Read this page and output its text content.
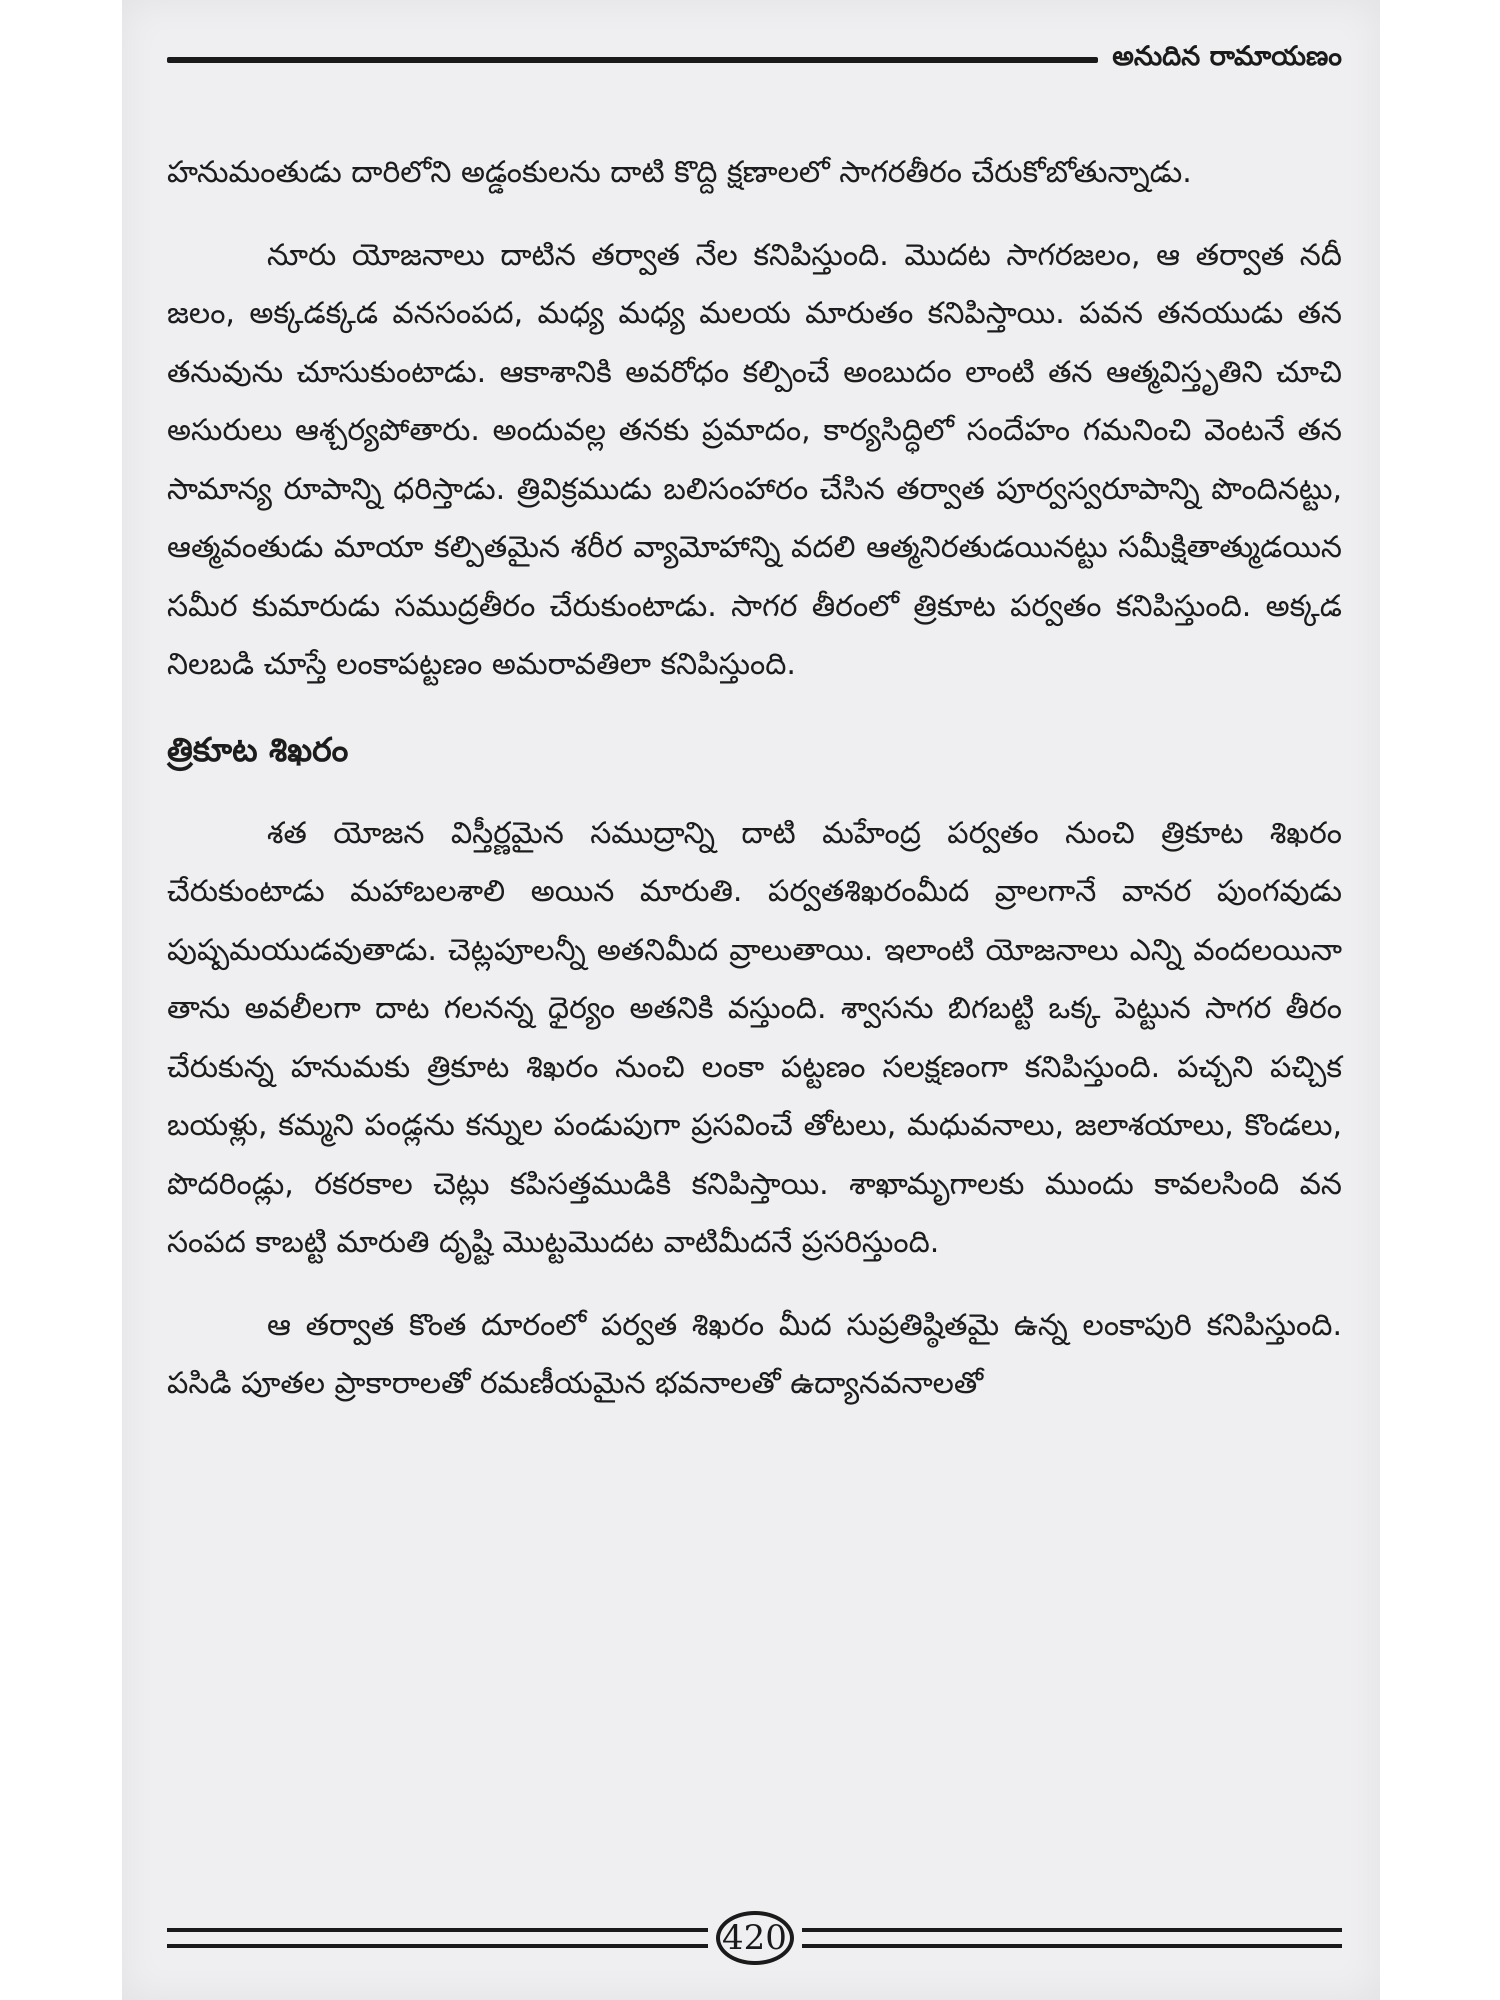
అనుదిన రామాయణం

హనుమంతుడు దారిలోని అడ్డంకులను దాటి కొద్ది క్షణాలలో సాగరతీరం చేరుకోబోతున్నాడు.

నూరు యోజనాలు దాటిన తర్వాత నేల కనిపిస్తుంది. మొదట సాగరజలం, ఆ తర్వాత నదీ జలం, అక్కడక్కడ వనసంపద, మధ్య మధ్య మలయ మారుతం కనిపిస్తాయి. పవన తనయుడు తన తనువును చూసుకుంటాడు. ఆకాశానికి అవరోధం కల్పించే అంబుదం లాంటి తన ఆత్మవిస్తృతిని చూచి అసురులు ఆశ్చర్యపోతారు. అందువల్ల తనకు ప్రమాదం, కార్యసిద్ధిలో సందేహం గమనించి వెంటనే తన సామాన్య రూపాన్ని ధరిస్తాడు. త్రివిక్రముడు బలిసంహారం చేసిన తర్వాత పూర్వస్వరూపాన్ని పొందినట్టు, ఆత్మవంతుడు మాయా కల్పితమైన శరీర వ్యామోహాన్ని వదలి ఆత్మనిరతుడయినట్టు సమీక్షితాత్ముడయిన సమీర కుమారుడు సముద్రతీరం చేరుకుంటాడు. సాగర తీరంలో త్రికూట పర్వతం కనిపిస్తుంది. అక్కడ నిలబడి చూస్తే లంకాపట్టణం అమరావతిలా కనిపిస్తుంది.

త్రికూట శిఖరం

శత యోజన విస్తీర్ణమైన సముద్రాన్ని దాటి మహేంద్ర పర్వతం నుంచి త్రికూట శిఖరం చేరుకుంటాడు మహాబలశాలి అయిన మారుతి. పర్వతశిఖరంమీద వ్రాలగానే వానర పుంగవుడు పుష్పమయుడవుతాడు. చెట్లపూలన్నీ అతనిమీద వ్రాలుతాయి. ఇలాంటి యోజనాలు ఎన్ని వందలయినా తాను అవలీలగా దాట గలనన్న ధైర్యం అతనికి వస్తుంది. శ్వాసను బిగబట్టి ఒక్క పెట్టున సాగర తీరం చేరుకున్న హనుమకు త్రికూట శిఖరం నుంచి లంకా పట్టణం సలక్షణంగా కనిపిస్తుంది. పచ్చని పచ్చిక బయళ్లు, కమ్మని పండ్లను కన్నుల పండుపుగా ప్రసవించే తోటలు, మధువనాలు, జలాశయాలు, కొండలు, పొదరిండ్లు, రకరకాల చెట్లు కపిసత్తముడికి కనిపిస్తాయి. శాఖామృగాలకు ముందు కావలసింది వన సంపద కాబట్టి మారుతి దృష్టి మొట్టమొదట వాటిమీదనే ప్రసరిస్తుంది.

ఆ తర్వాత కొంత దూరంలో పర్వత శిఖరం మీద సుప్రతిష్ఠితమై ఉన్న లంకాపురి కనిపిస్తుంది. పసిడి పూతల ప్రాకారాలతో రమణీయమైన భవనాలతో ఉద్యానవనాలతో

420
